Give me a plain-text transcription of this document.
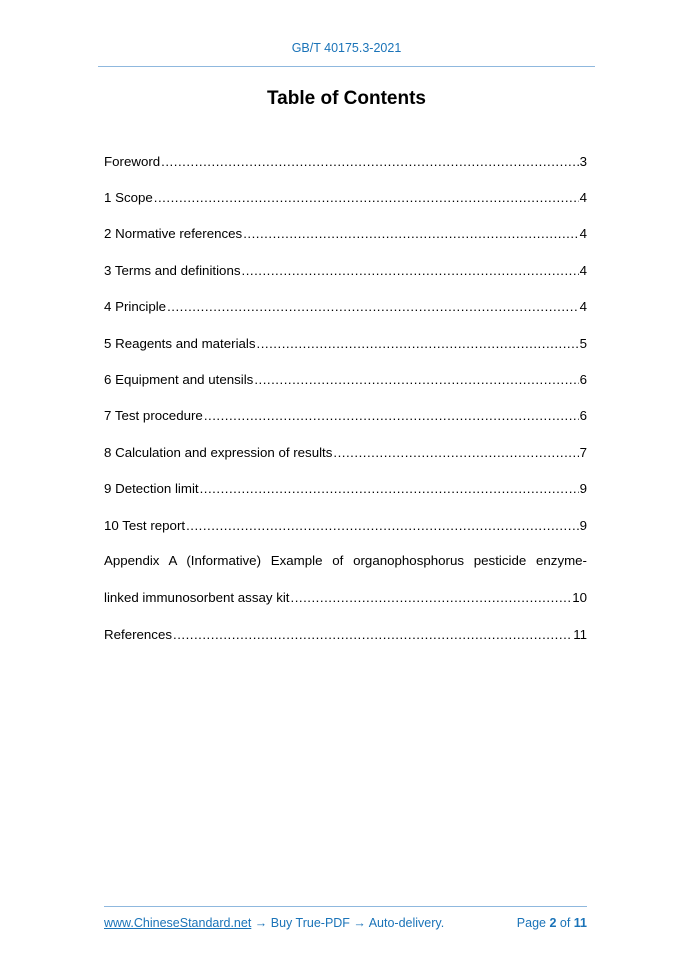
GB/T 40175.3-2021
Table of Contents
Foreword .....	3
1 Scope .....	4
2 Normative references .....	4
3 Terms and definitions .....	4
4 Principle .....	4
5 Reagents and materials .....	5
6 Equipment and utensils .....	6
7 Test procedure .....	6
8 Calculation and expression of results .....	7
9 Detection limit .....	9
10 Test report .....	9
Appendix A (Informative) Example of organophosphorus pesticide enzyme-
linked immunosorbent assay kit .....	10
References .....	11
www.ChineseStandard.net → Buy True-PDF → Auto-delivery.	Page 2 of 11
